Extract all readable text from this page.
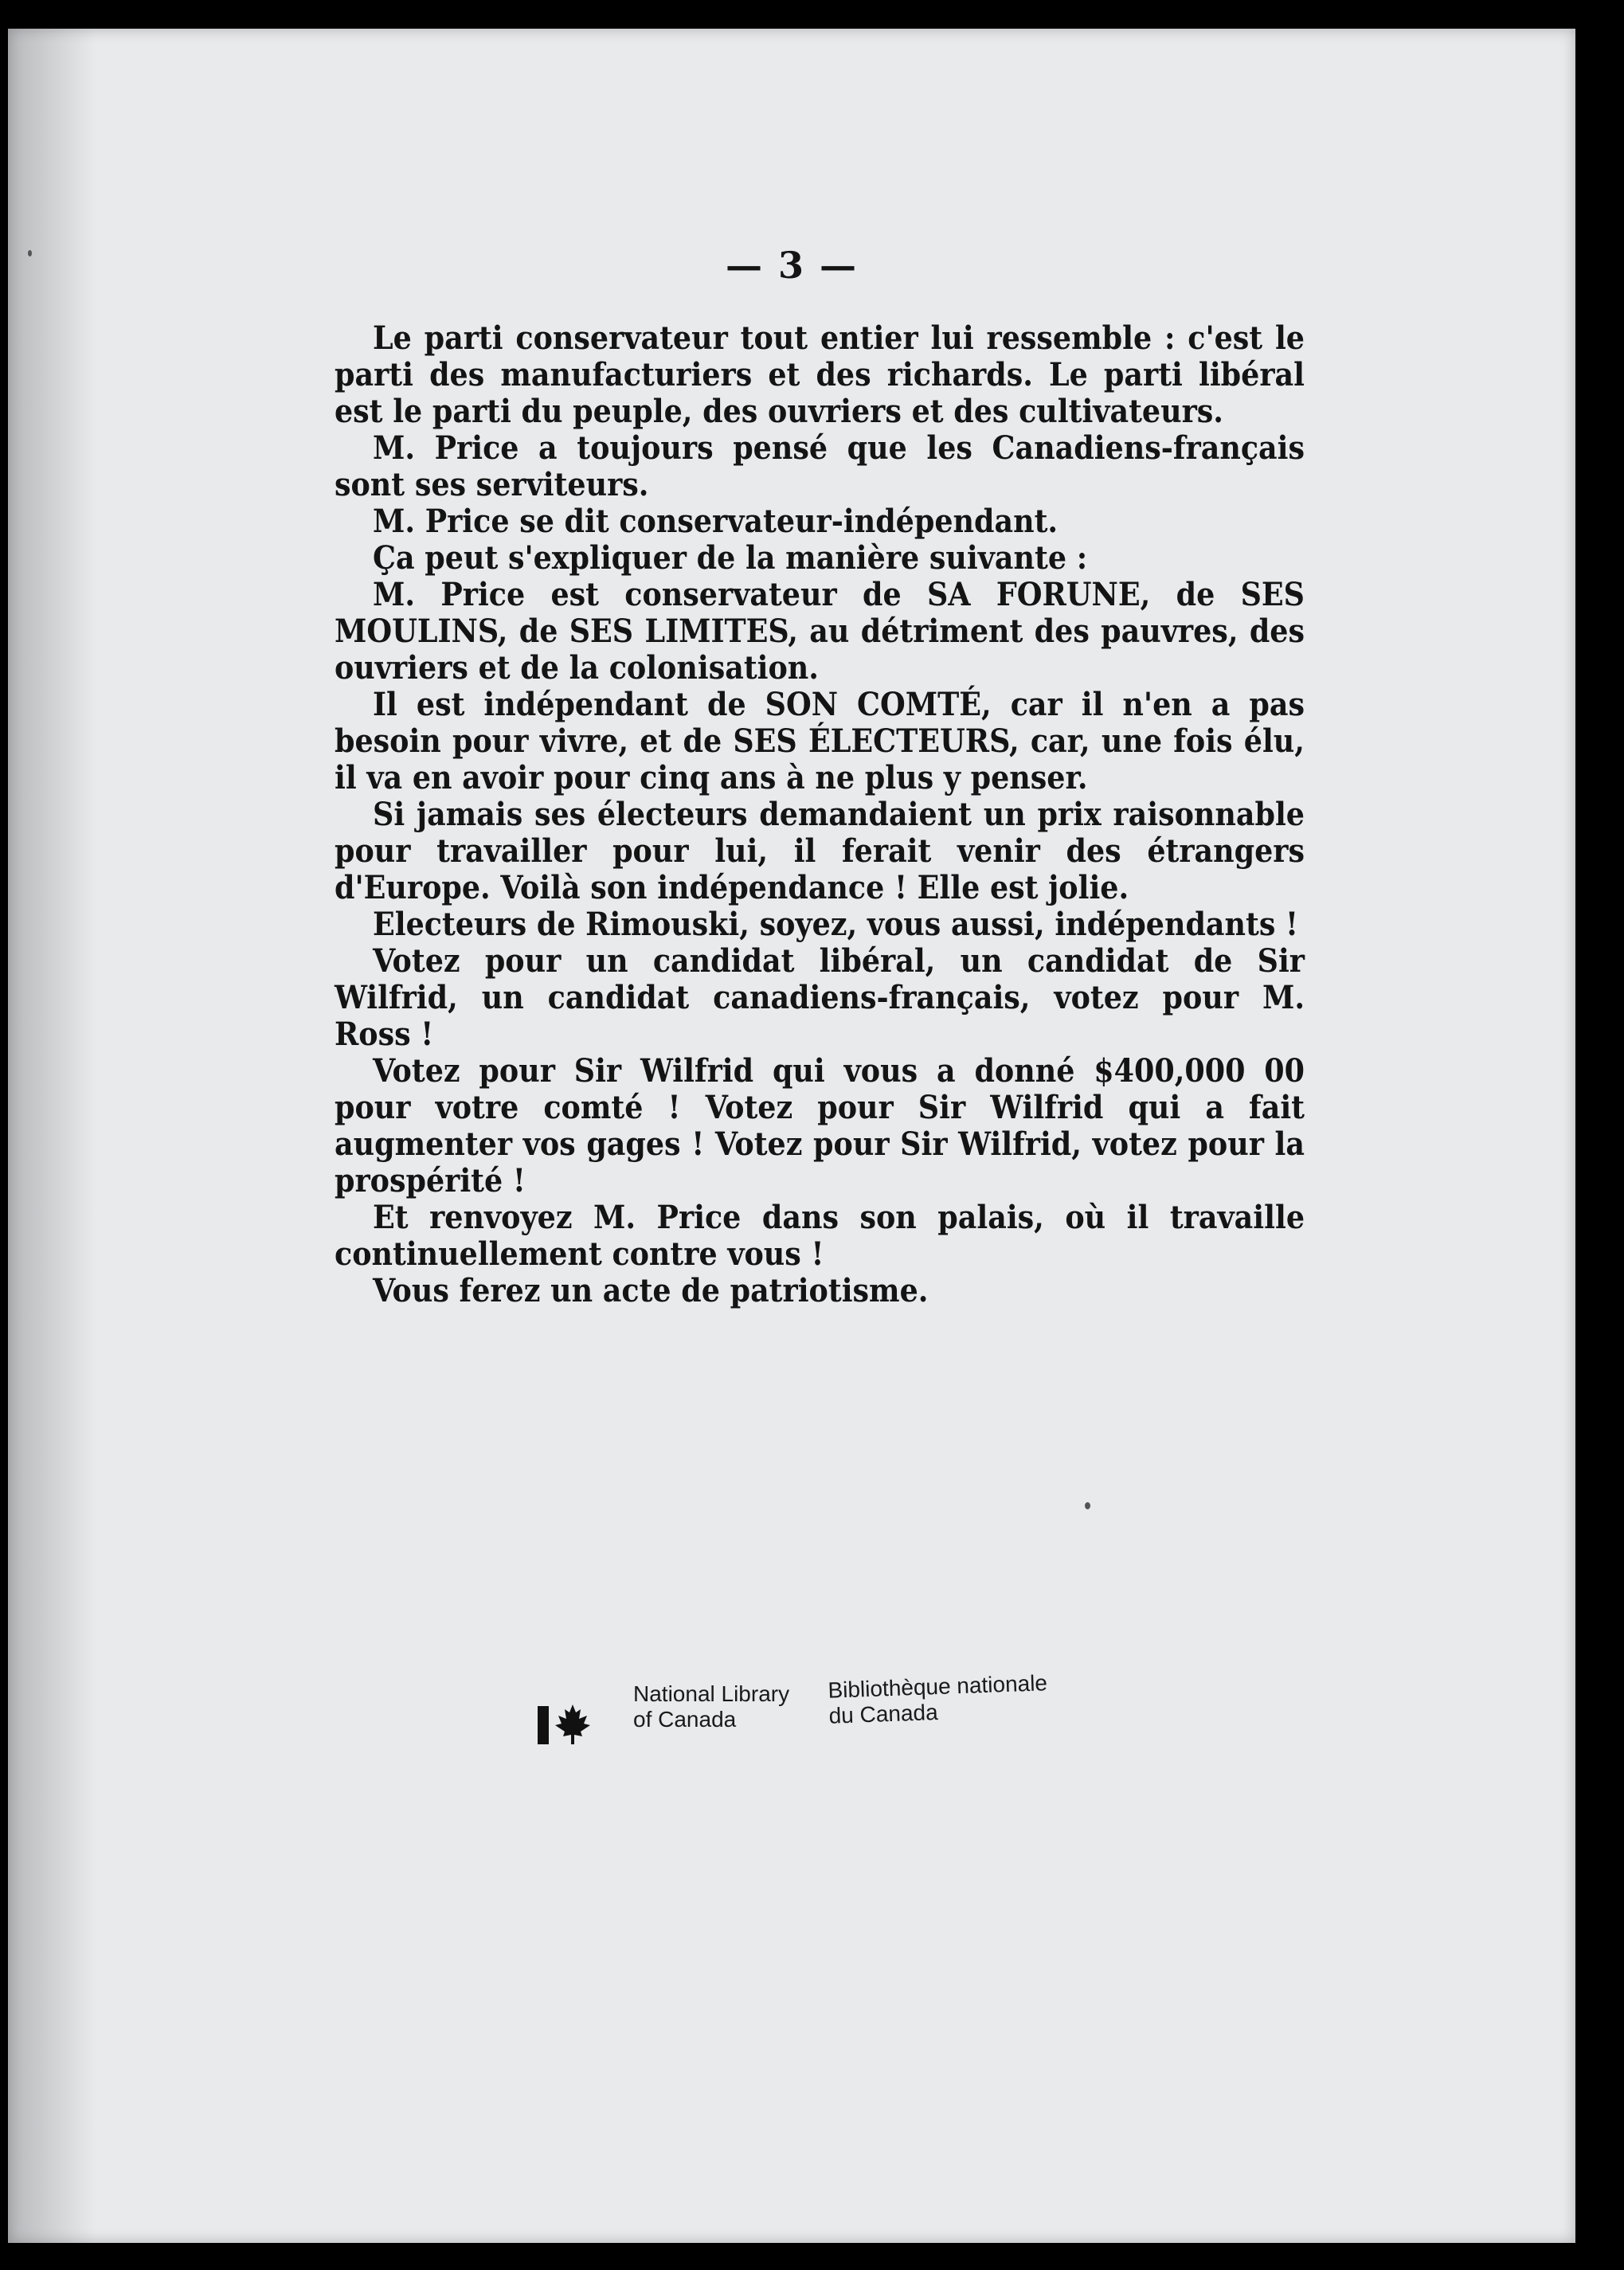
— 3 —

Le parti conservateur tout entier lui ressemble : c'est le parti des manufacturiers et des richards. Le parti libéral est le parti du peuple, des ouvriers et des cultivateurs.

M. Price a toujours pensé que les Canadiens-français sont ses serviteurs.

M. Price se dit conservateur-indépendant.

Ça peut s'expliquer de la manière suivante :

M. Price est conservateur de SA FORUNE, de SES MOULINS, de SES LIMITES, au détriment des pauvres, des ouvriers et de la colonisation.

Il est indépendant de SON COMTÉ, car il n'en a pas besoin pour vivre, et de SES ÉLECTEURS, car, une fois élu, il va en avoir pour cinq ans à ne plus y penser.

Si jamais ses électeurs demandaient un prix raisonnable pour travailler pour lui, il ferait venir des étrangers d'Europe. Voilà son indépendance ! Elle est jolie.

Electeurs de Rimouski, soyez, vous aussi, indépendants !

Votez pour un candidat libéral, un candidat de Sir Wilfrid, un candidat canadiens-français, votez pour M. Ross !

Votez pour Sir Wilfrid qui vous a donné $400,000 00 pour votre comté ! Votez pour Sir Wilfrid qui a fait augmenter vos gages ! Votez pour Sir Wilfrid, votez pour la prospérité !

Et renvoyez M. Price dans son palais, où il travaille continuellement contre vous !

Vous ferez un acte de patriotisme.

National Library
of Canada
Bibliothèque nationale
du Canada
